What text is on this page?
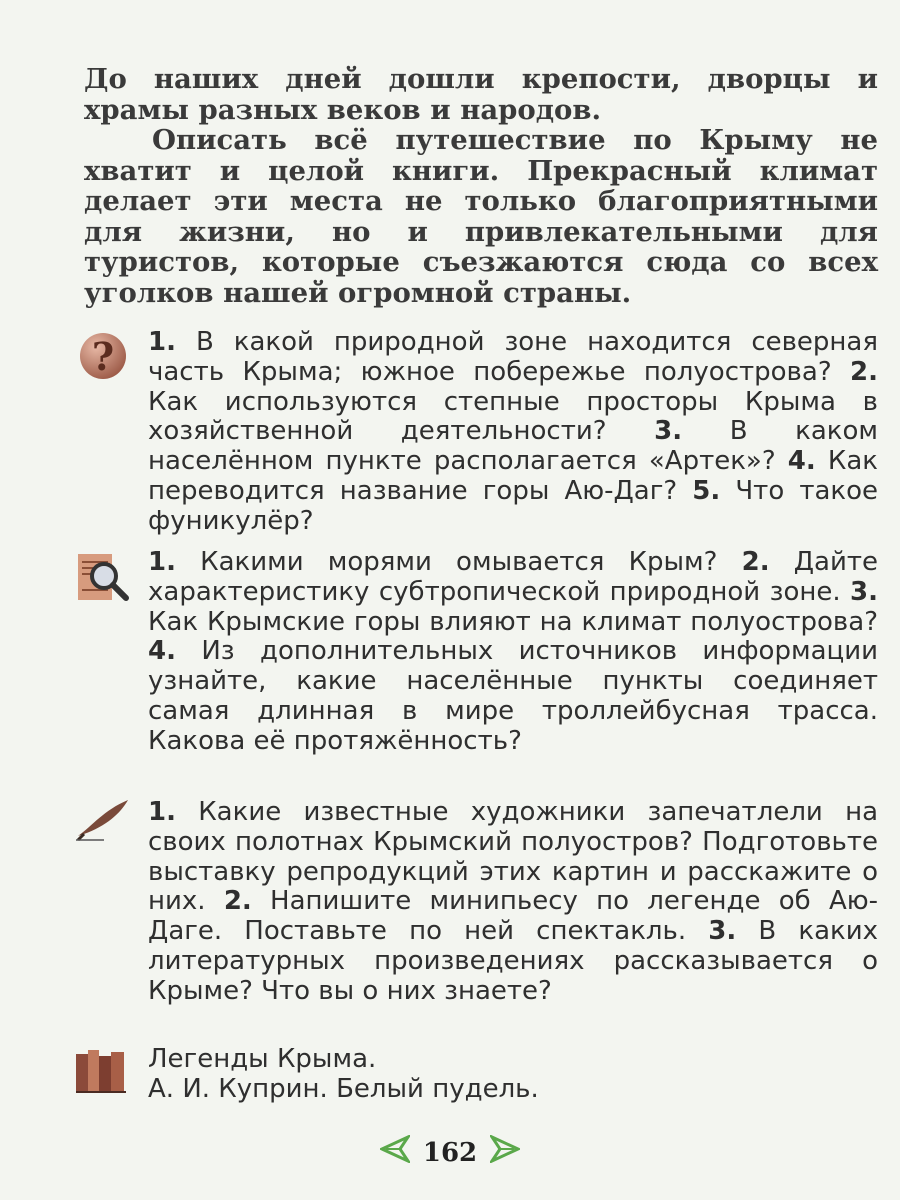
До наших дней дошли крепости, дворцы и храмы разных веков и народов.

Описать всё путешествие по Крыму не хватит и целой книги. Прекрасный климат делает эти места не только благоприятными для жизни, но и привлекательными для туристов, которые съезжаются сюда со всех уголков нашей огромной страны.

? 1. В какой природной зоне находится северная часть Крыма; южное побережье полуострова? 2. Как используются степные просторы Крыма в хозяйственной деятельности? 3. В каком населённом пункте располагается «Артек»? 4. Как переводится название горы Аю-Даг? 5. Что такое фуникулёр?
1. Какими морями омывается Крым? 2. Дайте характеристику субтропической природной зоне. 3. Как Крымские горы влияют на климат полуострова? 4. Из дополнительных источников информации узнайте, какие населённые пункты соединяет самая длинная в мире троллейбусная трасса. Какова её протяжённость?
1. Какие известные художники запечатлели на своих полотнах Крымский полуостров? Подготовьте выставку репродукций этих картин и расскажите о них. 2. Напишите минипьесу по легенде об Аю-Даге. Поставьте по ней спектакль. 3. В каких литературных произведениях рассказывается о Крыме? Что вы о них знаете?
Легенды Крыма.
А. И. Куприн. Белый пудель.
162
